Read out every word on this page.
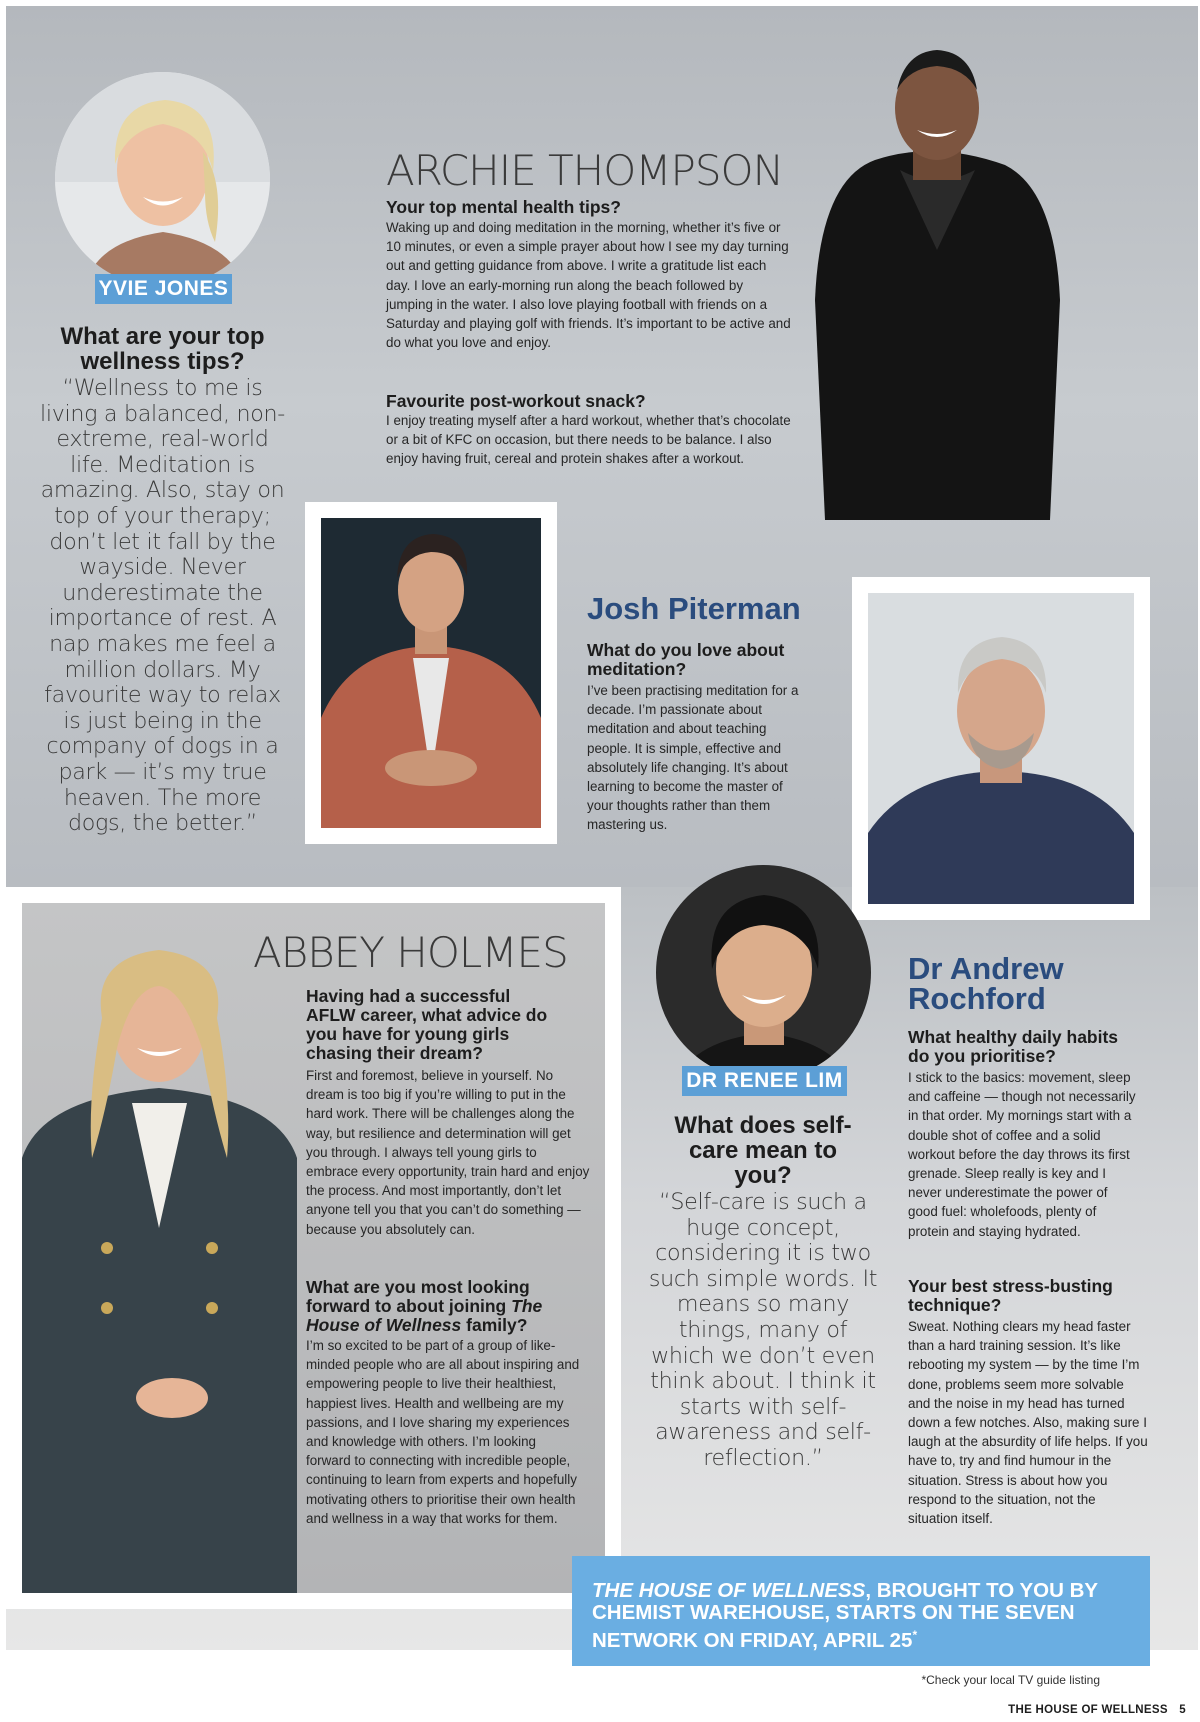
YVIE JONES

What are your top wellness tips?

“Wellness to me is living a balanced, non-extreme, real-world life. Meditation is amazing. Also, stay on top of your therapy; don’t let it fall by the wayside. Never underestimate the importance of rest. A nap makes me feel a million dollars. My favourite way to relax is just being in the company of dogs in a park — it’s my true heaven. The more dogs, the better.”

ARCHIE THOMPSON

Your top mental health tips?

Waking up and doing meditation in the morning, whether it’s five or 10 minutes, or even a simple prayer about how I see my day turning out and getting guidance from above. I write a gratitude list each day. I love an early-morning run along the beach followed by jumping in the water. I also love playing football with friends on a Saturday and playing golf with friends. It’s important to be active and do what you love and enjoy.

Favourite post-workout snack?

I enjoy treating myself after a hard workout, whether that’s chocolate or a bit of KFC on occasion, but there needs to be balance. I also enjoy having fruit, cereal and protein shakes after a workout.

Josh Piterman

What do you love about meditation?

I’ve been practising meditation for a decade. I’m passionate about meditation and about teaching people. It is simple, effective and absolutely life changing. It’s about learning to become the master of your thoughts rather than them mastering us.

ABBEY HOLMES

Having had a successful AFLW career, what advice do you have for young girls chasing their dream?

First and foremost, believe in yourself. No dream is too big if you’re willing to put in the hard work. There will be challenges along the way, but resilience and determination will get you through. I always tell young girls to embrace every opportunity, train hard and enjoy the process. And most importantly, don’t let anyone tell you that you can’t do something — because you absolutely can.

What are you most looking forward to about joining The House of Wellness family?

I’m so excited to be part of a group of like-minded people who are all about inspiring and empowering people to live their healthiest, happiest lives. Health and wellbeing are my passions, and I love sharing my experiences and knowledge with others. I’m looking forward to connecting with incredible people, continuing to learn from experts and hopefully motivating others to prioritise their own health and wellness in a way that works for them.

DR RENEE LIM

What does self-care mean to you?

“Self-care is such a huge concept, considering it is two such simple words. It means so many things, many of which we don’t even think about. I think it starts with self-awareness and self-reflection.”

Dr Andrew Rochford

What healthy daily habits do you prioritise?

I stick to the basics: movement, sleep and caffeine — though not necessarily in that order. My mornings start with a double shot of coffee and a solid workout before the day throws its first grenade. Sleep really is key and I never underestimate the power of good fuel: wholefoods, plenty of protein and staying hydrated.

Your best stress-busting technique?

Sweat. Nothing clears my head faster than a hard training session. It’s like rebooting my system — by the time I’m done, problems seem more solvable and the noise in my head has turned down a few notches. Also, making sure I laugh at the absurdity of life helps. If you have to, try and find humour in the situation. Stress is about how you respond to the situation, not the situation itself.

THE HOUSE OF WELLNESS, BROUGHT TO YOU BY CHEMIST WAREHOUSE, STARTS ON THE SEVEN NETWORK ON FRIDAY, APRIL 25*
*Check your local TV guide listing
THE HOUSE OF WELLNESS 5
